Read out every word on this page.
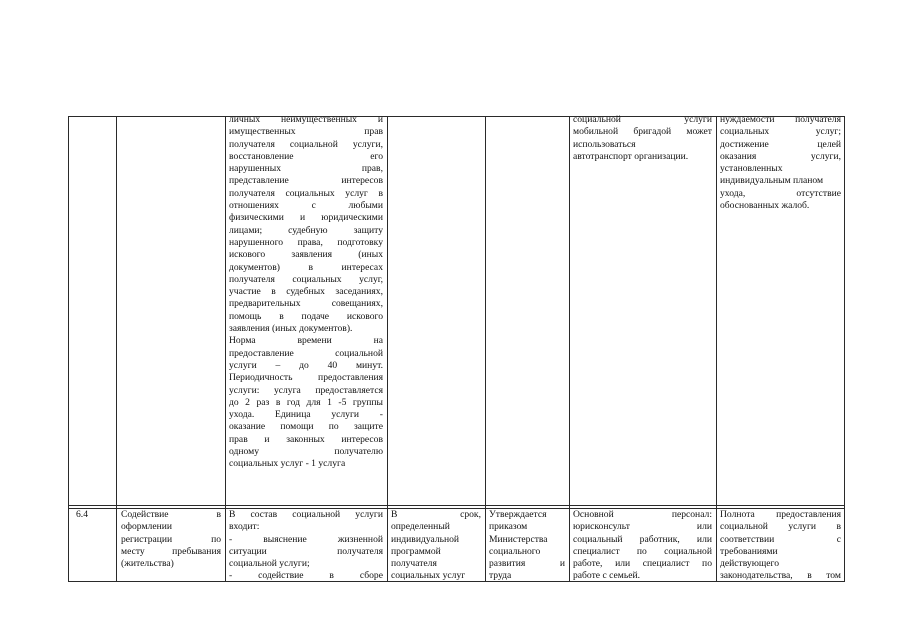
личных неимущественных и
имущественных прав
получателя социальной услуги,
восстановление его
нарушенных прав,
представление интересов
получателя социальных услуг в
отношениях с любыми
физическими и юридическими
лицами; судебную защиту
нарушенного права, подготовку
искового заявления (иных
документов) в интересах
получателя социальных услуг,
участие в судебных заседаниях,
предварительных совещаниях,
помощь в подаче искового
заявления (иных документов).
Норма времени на
предоставление социальной
услуги – до 40 минут.
Периодичность предоставления
услуги: услуга предоставляется
до 2 раз в год для 1 -5 группы
ухода. Единица услуги -
оказание помощи по защите
прав и законных интересов
одному получателю
социальных услуг - 1 услуга
социальной услуги
мобильной бригадой может
использоваться
автотранспорт организации.
нуждаемости получателя
социальных услуг;
достижение целей
оказания услуги,
установленных
индивидуальным планом
ухода, отсутствие
обоснованных жалоб.
6.4	Содействие в
оформлении
регистрации по
месту пребывания
(жительства)
В состав социальной услуги
входит:
- выяснение жизненной
ситуации получателя
социальной услуги;
- содействие в сборе
В срок,
определенный
индивидуальной
программой
получателя
социальных услуг
Утверждается
приказом
Министерства
социального
развития и
труда
Основной персонал:
юрисконсульт или
социальный работник, или
специалист по социальной
работе, или специалист по
работе с семьей.
Полнота предоставления
социальной услуги в
соответствии с
требованиями
действующего
законодательства, в том
